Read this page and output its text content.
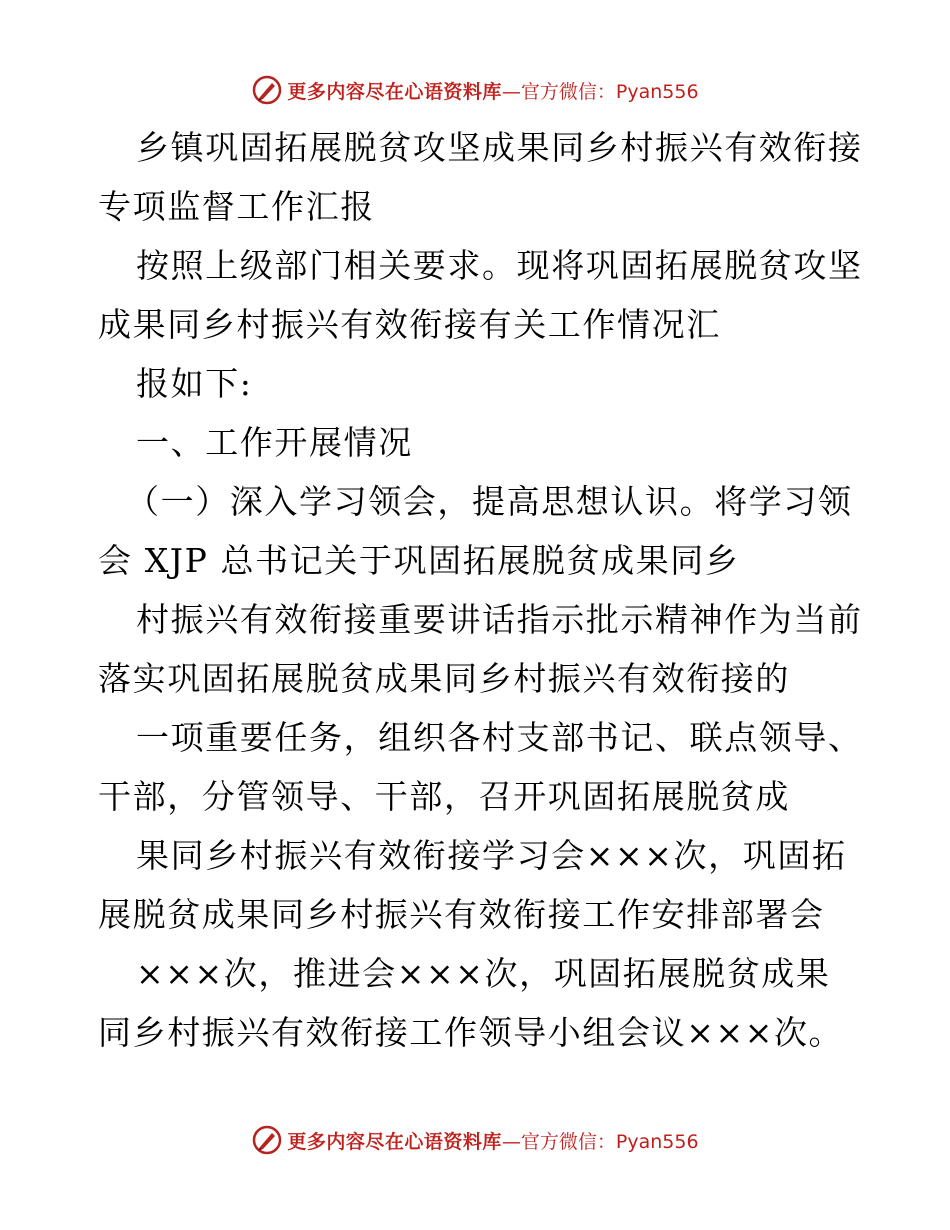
更多内容尽在心语资料库 —官方微信：Pyan556
乡镇巩固拓展脱贫攻坚成果同乡村振兴有效衔接
专项监督工作汇报
按照上级部门相关要求。现将巩固拓展脱贫攻坚
成果同乡村振兴有效衔接有关工作情况汇
报如下:
一、工作开展情况
（一）深入学习领会，提高思想认识。将学习领
会 XJP 总书记关于巩固拓展脱贫成果同乡
村振兴有效衔接重要讲话指示批示精神作为当前
落实巩固拓展脱贫成果同乡村振兴有效衔接的
一项重要任务，组织各村支部书记、联点领导、
干部，分管领导、干部，召开巩固拓展脱贫成
果同乡村振兴有效衔接学习会×××次，巩固拓
展脱贫成果同乡村振兴有效衔接工作安排部署会
×××次，推进会×××次，巩固拓展脱贫成果
同乡村振兴有效衔接工作领导小组会议×××次。
更多内容尽在心语资料库 —官方微信：Pyan556
